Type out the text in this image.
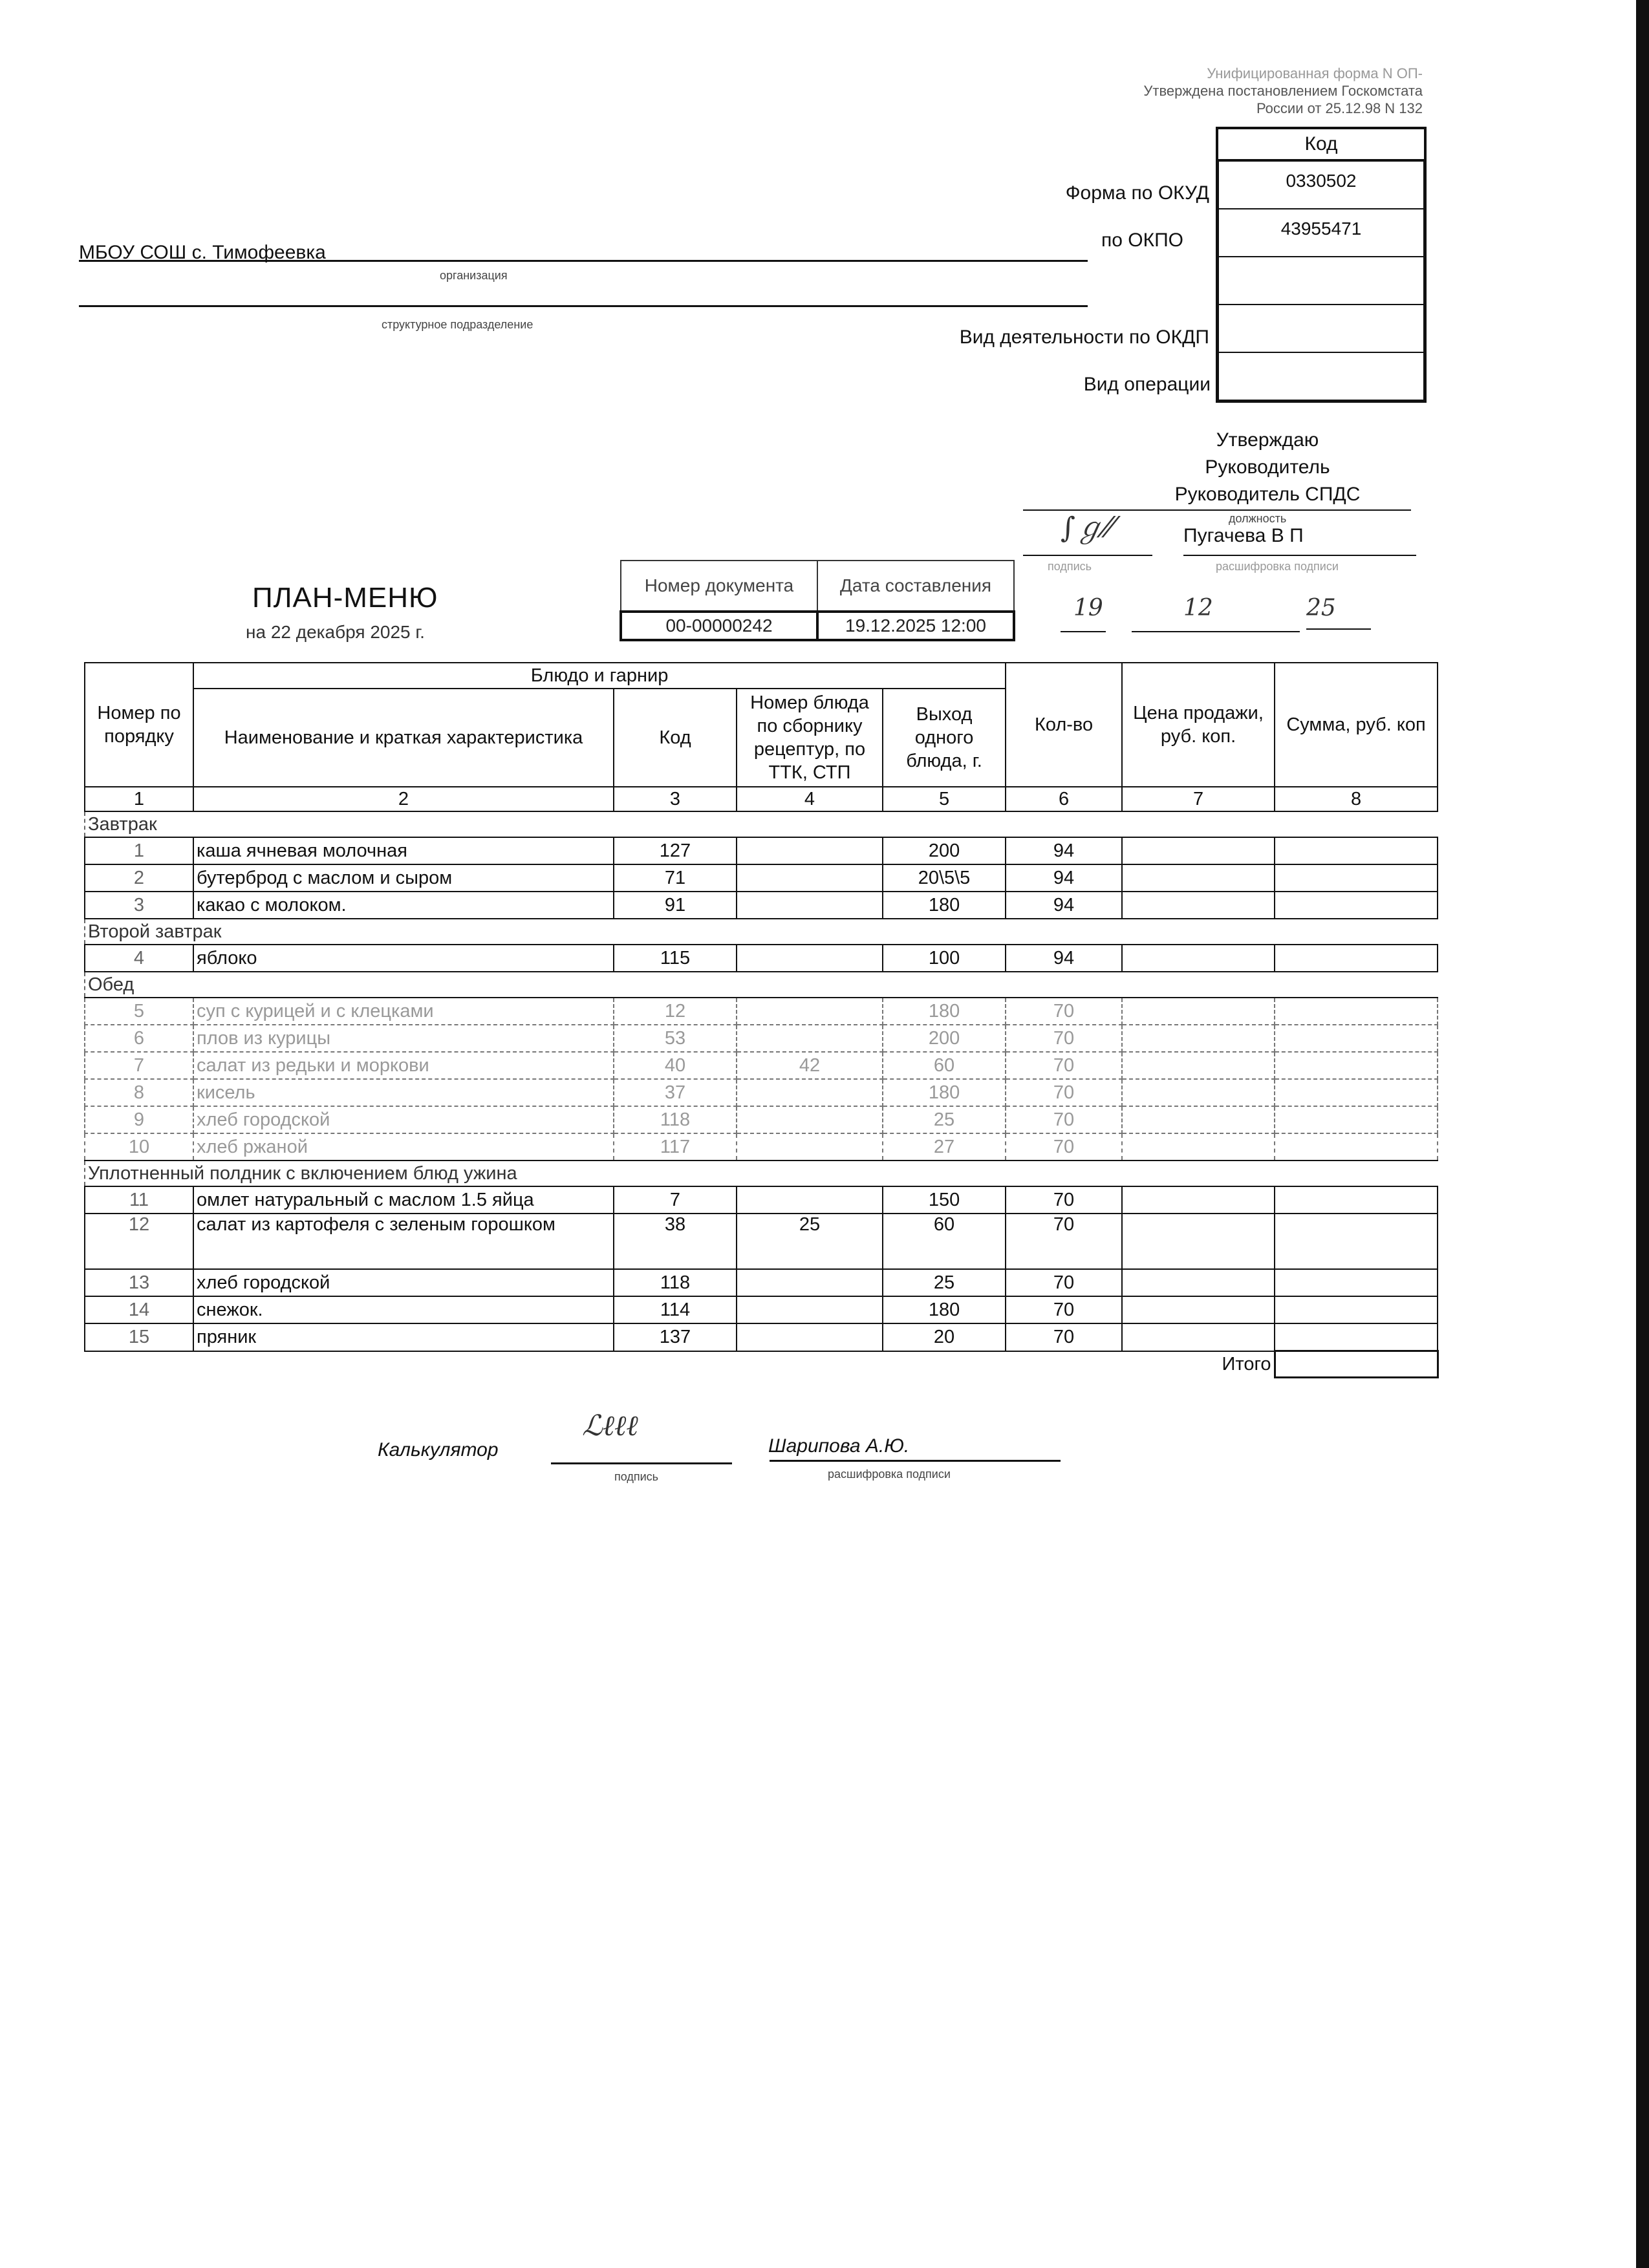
Унифицированная форма N ОП-
Утверждена постановлением Госкомстата
России от 25.12.98 N 132
Код
0330502
43955471
Форма по ОКУД
по ОКПО
Вид деятельности по ОКДП
Вид операции
МБОУ СОШ с. Тимофеевка
организация
структурное подразделение
Утверждаю
Руководитель
Руководитель СПДС
должность
∫ℊ⁄⁄	Пугачева В П
подпись	расшифровка подписи
19	12	25
ПЛАН-МЕНЮ
на 22 декабря 2025 г.
Номер документа	Дата составления
00-00000242	19.12.2025 12:00
Номер по порядку	Блюдо и гарнир				Кол-во	Цена продажи, руб. коп.	Сумма, руб. коп
	Наименование и краткая характеристика	Код	Номер блюда по сборнику рецептур, по ТТК, СТП	Выход одного блюда, г.			
1	2	3	4	5	6	7	8
Завтрак							
1	каша ячневая молочная	127		200	94		
2	бутерброд с маслом и сыром	71		20\5\5	94		
3	какао с молоком.	91		180	94		
Второй завтрак							
4	яблоко	115		100	94		
Обед							
5	суп с курицей и с клецками	12		180	70		
6	плов из курицы	53		200	70		
7	салат из редьки и моркови	40	42	60	70		
8	кисель	37		180	70		
9	хлеб городской	118		25	70		
10	хлеб ржаной	117		27	70		
Уплотненный полдник с включением блюд ужина							
11	омлет натуральный с маслом 1.5 яйца	7		150	70		
12	салат из картофеля с зеленым горошком	38	25	60	70		
13	хлеб городской	118		25	70		
14	снежок.	114		180	70		
15	пряник	137		20	70		
Итого							
Калькулятор
ℒℓℓℓ
подпись
Шарипова А.Ю.
расшифровка подписи
